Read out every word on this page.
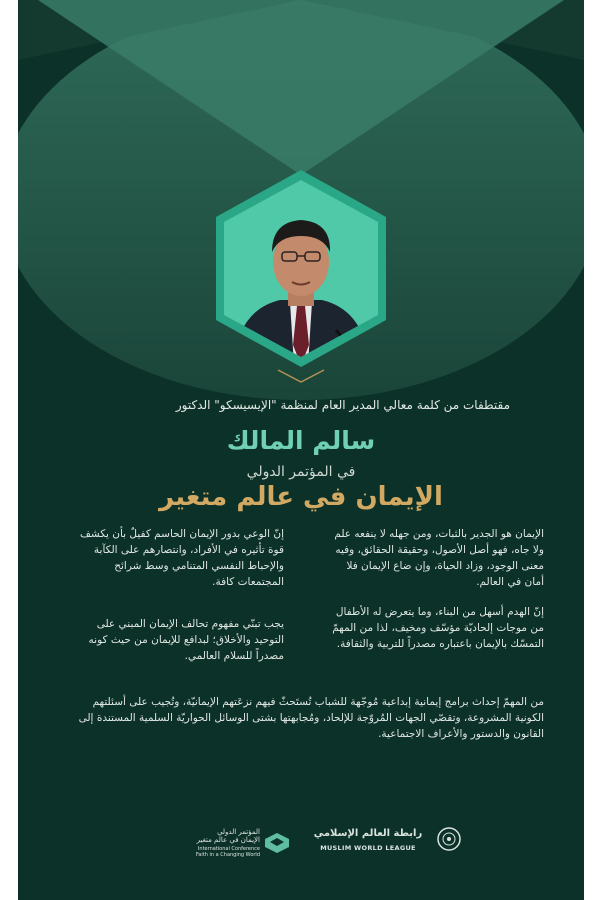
مقتطفات من كلمة معالي المدير العام لمنظمة "الإيسيسكو" الدكتور
سالم المالك
في المؤتمر الدولي
الإيمان في عالم متغير
الإيمان هو الجدير بالثبات، ومن جهله لا ينفعه علم ولا جاه، فهو أصل الأصول، وحقيقة الحقائق، وفيه معنى الوجود، وزاد الحياة، وإن ضاع الإيمان فلا أمان في العالم.
إنّ الهدم أسهل من البناء، وما يتعرض له الأطفال من موجات إلحاديّة مؤسّف ومخيف، لذا من المهمّ التمسّك بالإيمان باعتباره مصدراً للتربية والثقافة.
إنّ الوعي بدور الإيمان الحاسم كفيلٌ بأن يكشف قوة تأثيره في الأفراد، وانتصارهم على الكآبة والإحباط النفسي المتنامي وسط شرائح المجتمعات كافة.
يجب تبنّي مفهوم تحالف الإيمان المبني على التوحيد والأخلاق؛ لبدافع للإيمان من حيث كونه مصدراً للسلام العالمي.
من المهمّ إحداث برامج إيمانية إبداعية مُوجّهة للشباب تُستَحثّ فيهم نزعَتهم الإيمانيّة، وتُجيب على أسئلتهم الكونية المشروعة، وتقصّي الجهات المُروّجة للإلحاد، ومُجابهتها بشتى الوسائل الحواريّة السلمية المستندة إلى القانون والدستور والأعراف الاجتماعية.
المؤتمر الدولي
الإيمان في عالم متغير
International Conference
Faith in a Changing World
رابطة العالم الإسلامي
MUSLIM WORLD LEAGUE
